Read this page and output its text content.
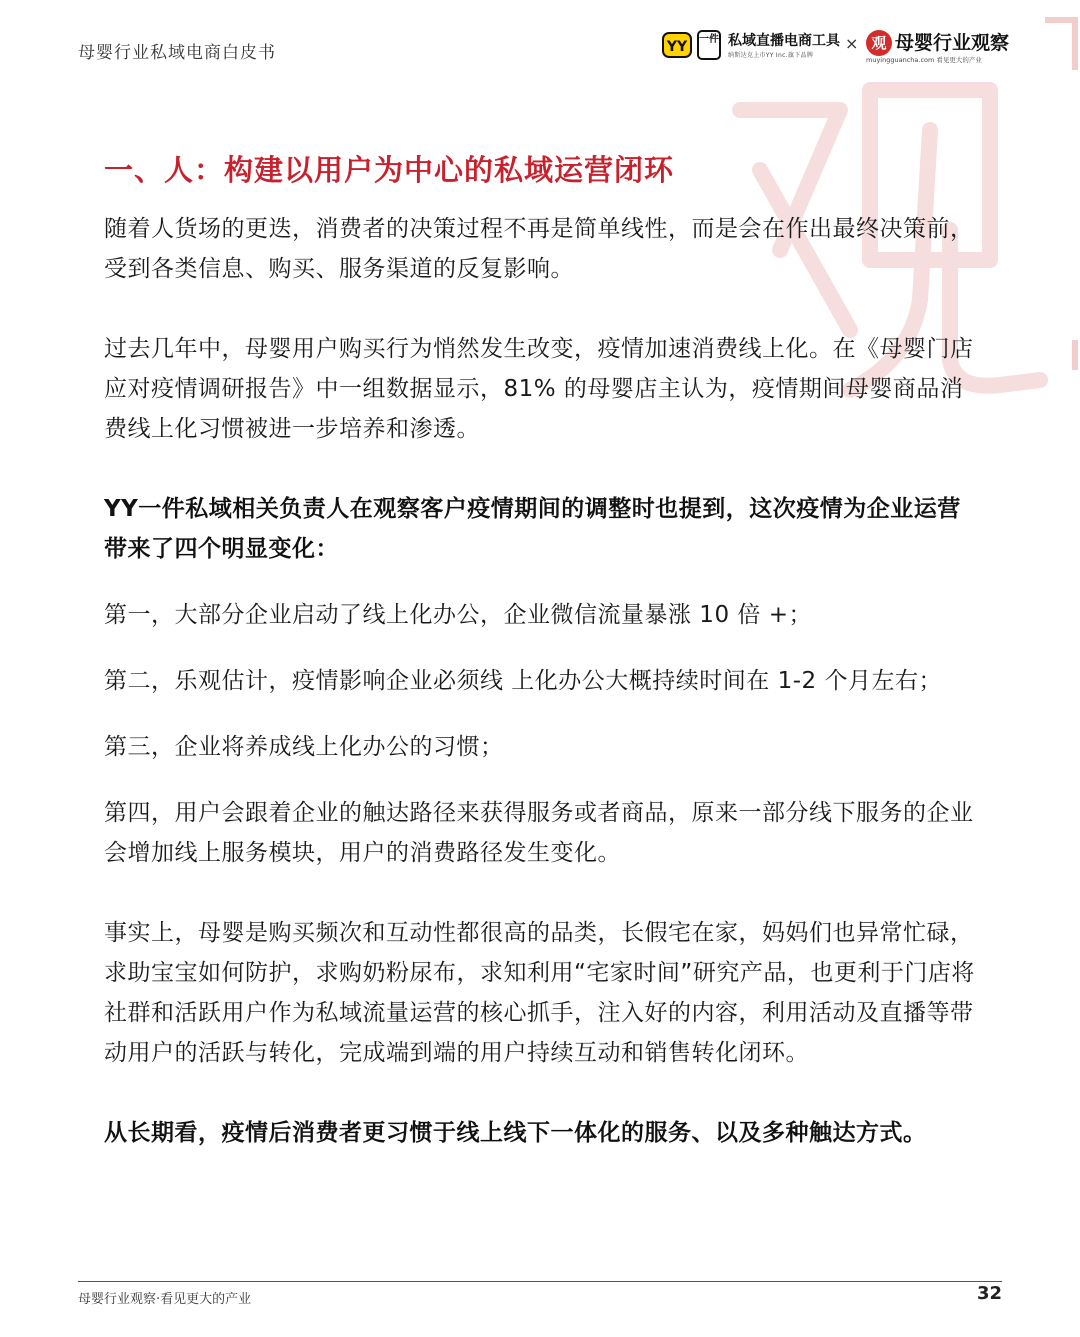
母婴行业私域电商白皮书	YY	一件 私域直播电商工具
纳斯达克上市YY Inc.旗下品牌
× 观 母婴行业观察
muyingguancha.com 看见更大的产业
一、人：构建以用户为中心的私域运营闭环

随着人货场的更迭，消费者的决策过程不再是简单线性，而是会在作出最终决策前，受到各类信息、购买、服务渠道的反复影响。

过去几年中，母婴用户购买行为悄然发生改变，疫情加速消费线上化。在《母婴门店应对疫情调研报告》中一组数据显示，81% 的母婴店主认为，疫情期间母婴商品消费线上化习惯被进一步培养和渗透。

YY一件私域相关负责人在观察客户疫情期间的调整时也提到，这次疫情为企业运营带来了四个明显变化：

第一，大部分企业启动了线上化办公，企业微信流量暴涨 10 倍 +；

第二，乐观估计，疫情影响企业必须线 上化办公大概持续时间在 1-2 个月左右；

第三，企业将养成线上化办公的习惯；

第四，用户会跟着企业的触达路径来获得服务或者商品，原来一部分线下服务的企业会增加线上服务模块，用户的消费路径发生变化。

事实上，母婴是购买频次和互动性都很高的品类，长假宅在家，妈妈们也异常忙碌，求助宝宝如何防护，求购奶粉尿布，求知利用“宅家时间”研究产品，也更利于门店将社群和活跃用户作为私域流量运营的核心抓手，注入好的内容，利用活动及直播等带动用户的活跃与转化，完成端到端的用户持续互动和销售转化闭环。

从长期看，疫情后消费者更习惯于线上线下一体化的服务、以及多种触达方式。

母婴行业观察·看见更大的产业	32
